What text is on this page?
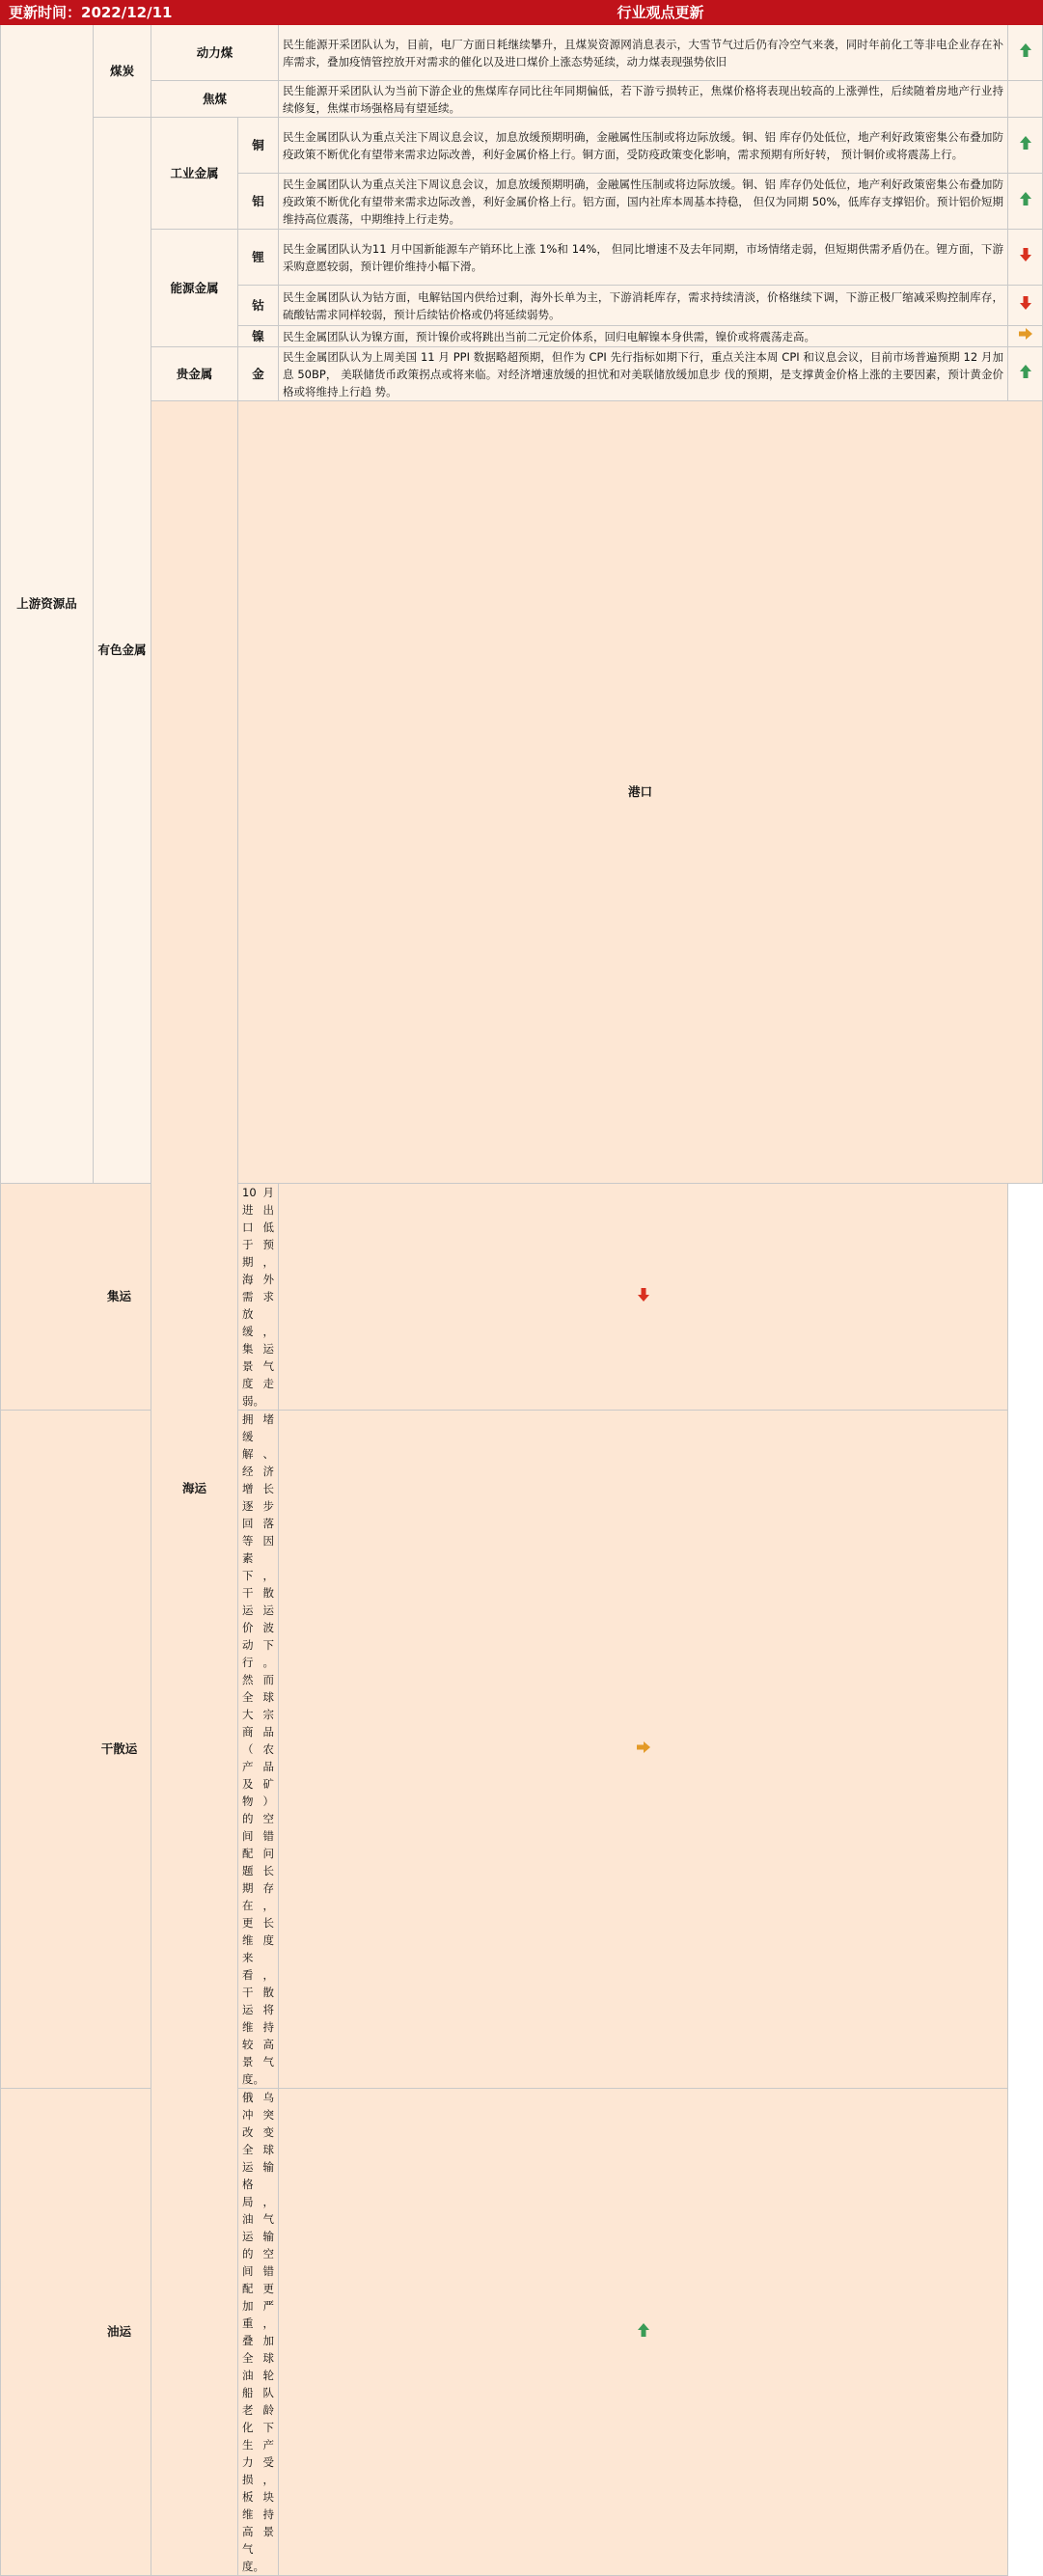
更新时间：2022/12/11				行业观点更新		
上游资源品	煤炭	动力煤		民生能源开采团队认为，目前，电厂方面日耗继续攀升，且煤炭资源网消息表示，大雪节气过后仍有冷空气来袭，同时年前化工等非电企业存在补库需求，叠加疫情管控放开对需求的催化以及进口煤价上涨态势延续，动力煤表现强势依旧	

		焦煤		民生能源开采团队认为当前下游企业的焦煤库存同比往年同期偏低，若下游亏损转正，焦煤价格将表现出较高的上涨弹性，后续随着房地产行业持续修复，焦煤市场强格局有望延续。		

	有色金属	工业金属	铜	民生金属团队认为重点关注下周议息会议，加息放缓预期明确，金融属性压制或将边际放缓。铜、铝 库存仍处低位，地产利好政策密集公布叠加防疫政策不断优化有望带来需求边际改善，利好金属价格上行。铜方面，受防疫政策变化影响，需求预期有所好转， 预计铜价或将震荡上行。	

			铝	民生金属团队认为重点关注下周议息会议，加息放缓预期明确，金融属性压制或将边际放缓。铜、铝 库存仍处低位，地产利好政策密集公布叠加防疫政策不断优化有望带来需求边际改善，利好金属价格上行。铝方面，国内社库本周基本持稳， 但仅为同期 50%，低库存支撑铝价。预计铝价短期维持高位震荡，中期维持上行走势。	

		能源金属	锂	民生金属团队认为11 月中国新能源车产销环比上涨 1%和 14%， 但同比增速不及去年同期，市场情绪走弱，但短期供需矛盾仍在。锂方面，下游采购意愿较弱，预计锂价维持小幅下滑。	

			钴	民生金属团队认为钴方面，电解钴国内供给过剩，海外长单为主，下游消耗库存，需求持续清淡，价格继续下调，下游正极厂缩减采购控制库存，硫酸钴需求同样较弱，预计后续钴价格或仍将延续弱势。	

			镍	民生金属团队认为镍方面，预计镍价或将跳出当前二元定价体系，回归电解镍本身供需，镍价或将震荡走高。	
		贵金属	金	民生金属团队认为上周美国 11 月 PPI 数据略超预期，但作为 CPI 先行指标如期下行，重点关注本周 CPI 和议息会议，目前市场普遍预期 12 月加息 50BP， 美联储货币政策拐点或将来临。对经济增速放缓的担忧和对美联储放缓加息步 伐的预期，是支撑黄金价格上涨的主要因素，预计黄金价格或将维持上行趋 势。	
		海运	港口		
集运			10月进出口低于预期，海外需求放缓，集运景气度走弱。	
干散运			拥堵缓解、经济增长逐步回落等因素下，干散运运价波动下行。然而全球大宗商品（农产品及矿物）的空间错配问题长期存在，更长维度来看，干散运将维持较高景气度。	
油运			俄乌冲突改变全球运输格局，油气运输的空间错配更加严重，叠加全球油轮船队老龄化下生产力受损，板块维持高景气度。	
